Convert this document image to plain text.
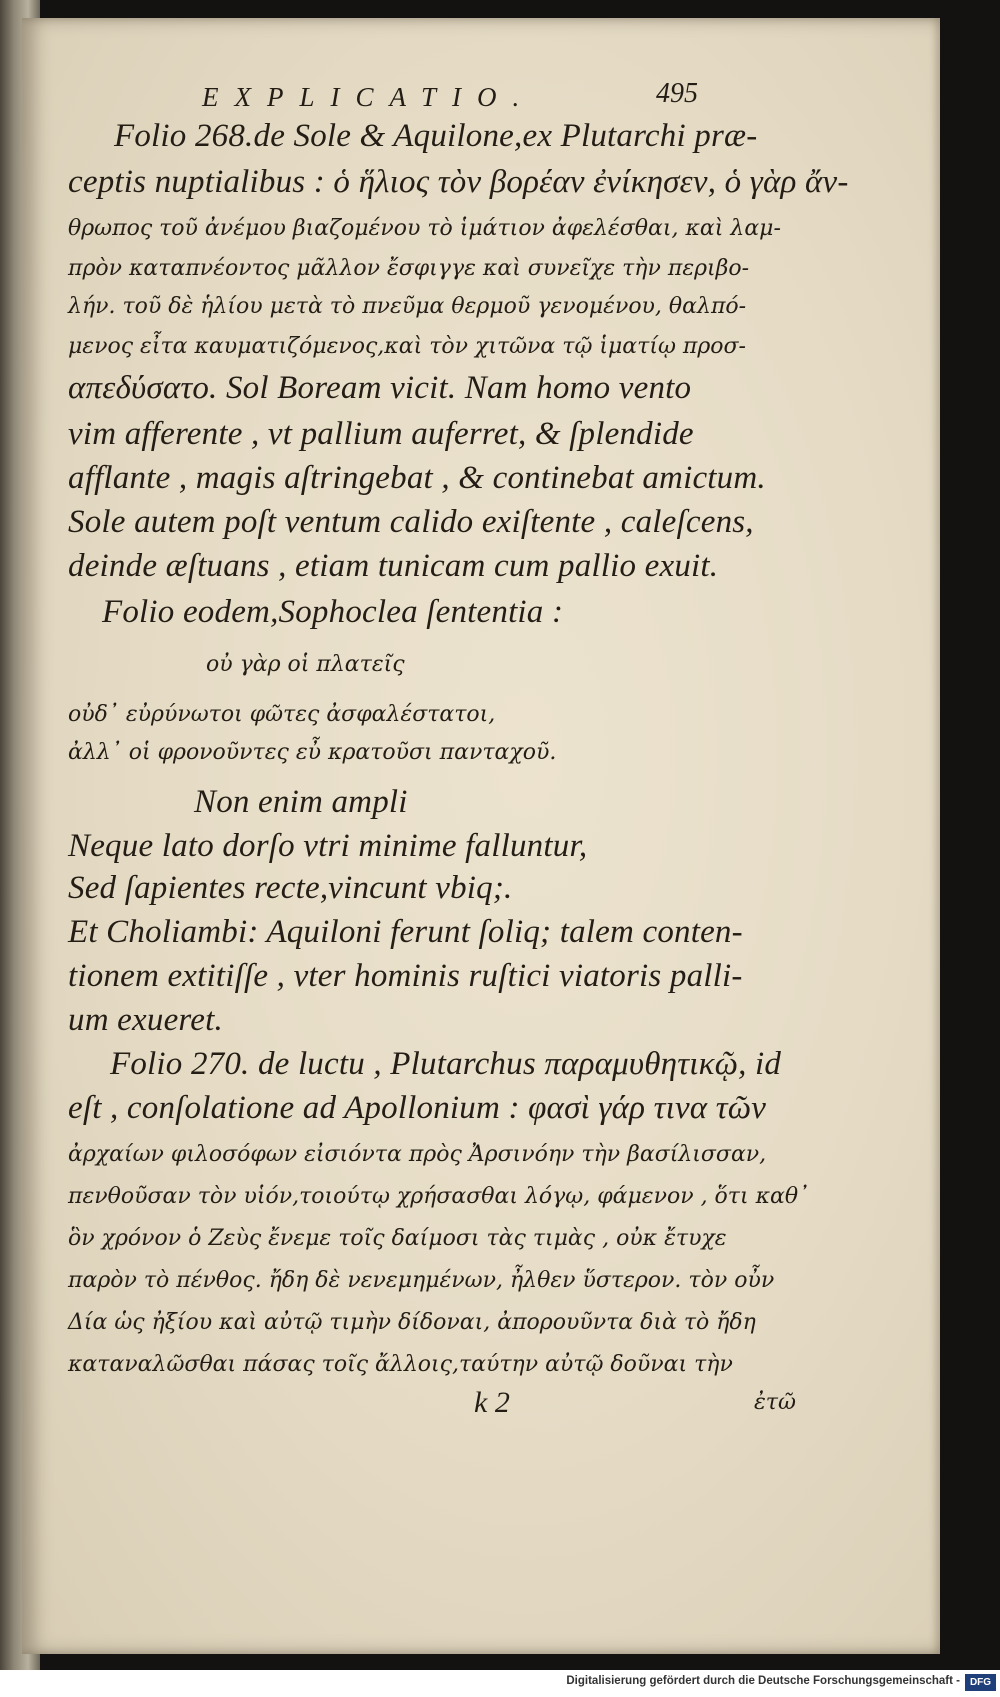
EXPLICATIO.	495

Folio 268.de Sole & Aquilone,ex Plutarchi præ-

ceptis nuptialibus : ὁ ἥλιος τὸν βορέαν ἐνίκησεν, ὁ γὰρ ἄν-

θρωπος τοῦ ἀνέμου βιαζομένου τὸ ἱμάτιον ἀφελέσθαι, καὶ λαμ-

πρὸν καταπνέοντος μᾶλλον ἔσφιγγε καὶ συνεῖχε τὴν περιβο-

λήν. τοῦ δὲ ἡλίου μετὰ τὸ πνεῦμα θερμοῦ γενομένου, θαλπό-

μενος εἶτα καυματιζόμενος,καὶ τὸν χιτῶνα τῷ ἱματίῳ προσ-

απεδύσατο. Sol Boream vicit. Nam homo vento

vim afferente , vt pallium auferret, & ſplendide

afflante , magis aſtringebat , & continebat amictum.

Sole autem poſt ventum calido exiſtente , caleſcens,

deinde æſtuans , etiam tunicam cum pallio exuit.

Folio eodem,Sophoclea ſententia :

οὐ γὰρ οἱ πλατεῖς

οὐδ᾽ εὐρύνωτοι φῶτες ἀσφαλέστατοι,

ἀλλ᾽ οἱ φρονοῦντες εὖ κρατοῦσι πανταχοῦ.

Non enim ampli

Neque lato dorſo vtri minime falluntur,

Sed ſapientes recte,vincunt vbiq;.

Et Choliambi: Aquiloni ferunt ſoliq; talem conten-

tionem extitiſſe , vter hominis ruſtici viatoris palli-

um exueret.

Folio 270. de luctu , Plutarchus παραμυθητικῷ, id

eſt , conſolatione ad Apollonium : φασὶ γάρ τινα τῶν

ἀρχαίων φιλοσόφων εἰσιόντα πρὸς Ἀρσινόην τὴν βασίλισσαν,

πενθοῦσαν τὸν υἱόν,τοιούτῳ χρήσασθαι λόγῳ, φάμενον , ὅτι καθ᾽

ὃν χρόνον ὁ Ζεὺς ἔνεμε τοῖς δαίμοσι τὰς τιμὰς , οὐκ ἔτυχε

παρὸν τὸ πένθος. ἤδη δὲ νενεμημένων, ἦλθεν ὕστερον. τὸν οὖν

Δία ὡς ἠξίου καὶ αὐτῷ τιμὴν δίδοναι, ἀπορουῦντα διὰ τὸ ἤδη

καταναλῶσθαι πάσας τοῖς ἄλλοις,ταύτην αὐτῷ δοῦναι τὴν

k 2	ἐτῶ

Digitalisierung gefördert durch die Deutsche Forschungsgemeinschaft - DFG
